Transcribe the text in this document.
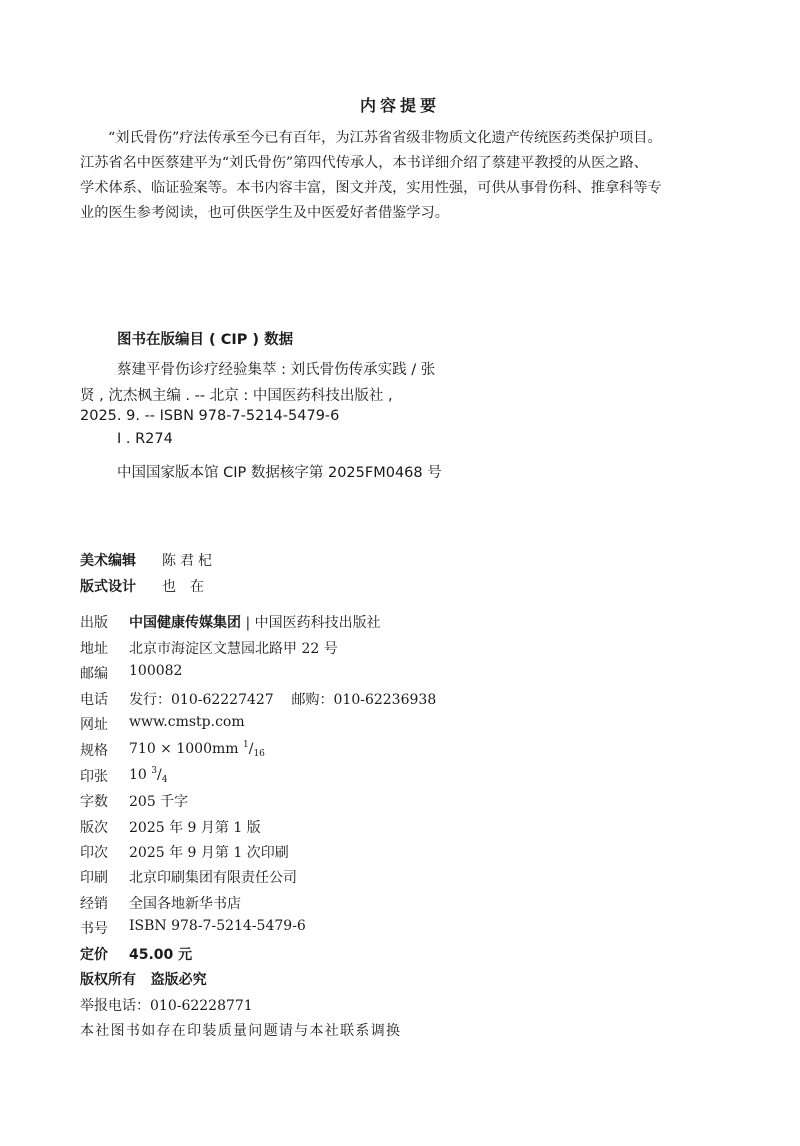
内容提要
“刘氏骨伤”疗法传承至今已有百年，为江苏省省级非物质文化遗产传统医药类保护项目。
江苏省名中医蔡建平为“刘氏骨伤”第四代传承人，本书详细介绍了蔡建平教授的从医之路、
学术体系、临证验案等。本书内容丰富，图文并茂，实用性强，可供从事骨伤科、推拿科等专
业的医生参考阅读，也可供医学生及中医爱好者借鉴学习。
图书在版编目 ( CIP ) 数据
蔡建平骨伤诊疗经验集萃 : 刘氏骨伤传承实践 / 张
贤 , 沈杰枫主编 . -- 北京 : 中国医药科技出版社 ,
2025. 9. -- ISBN 978-7-5214-5479-6
Ⅰ . R274
中国国家版本馆 CIP 数据核字第 2025FM0468 号
美术编辑 陈君杞
版式设计 也在
出版 中国健康传媒集团 | 中国医药科技出版社
地址 北京市海淀区文慧园北路甲 22 号
邮编 100082
电话 发行：010-62227427    邮购：010-62236938
网址 www.cmstp.com
规格 710 × 1000mm $^1/_{16}$
印张 10 $^3/_4$
字数 205 千字
版次 2025 年 9 月第 1 版
印次 2025 年 9 月第 1 次印刷
印刷 北京印刷集团有限责任公司
经销 全国各地新华书店
书号 ISBN 978-7-5214-5479-6
定价 45.00 元
版权所有 盗版必究
举报电话：010-62228771
本社图书如存在印装质量问题请与本社联系调换
